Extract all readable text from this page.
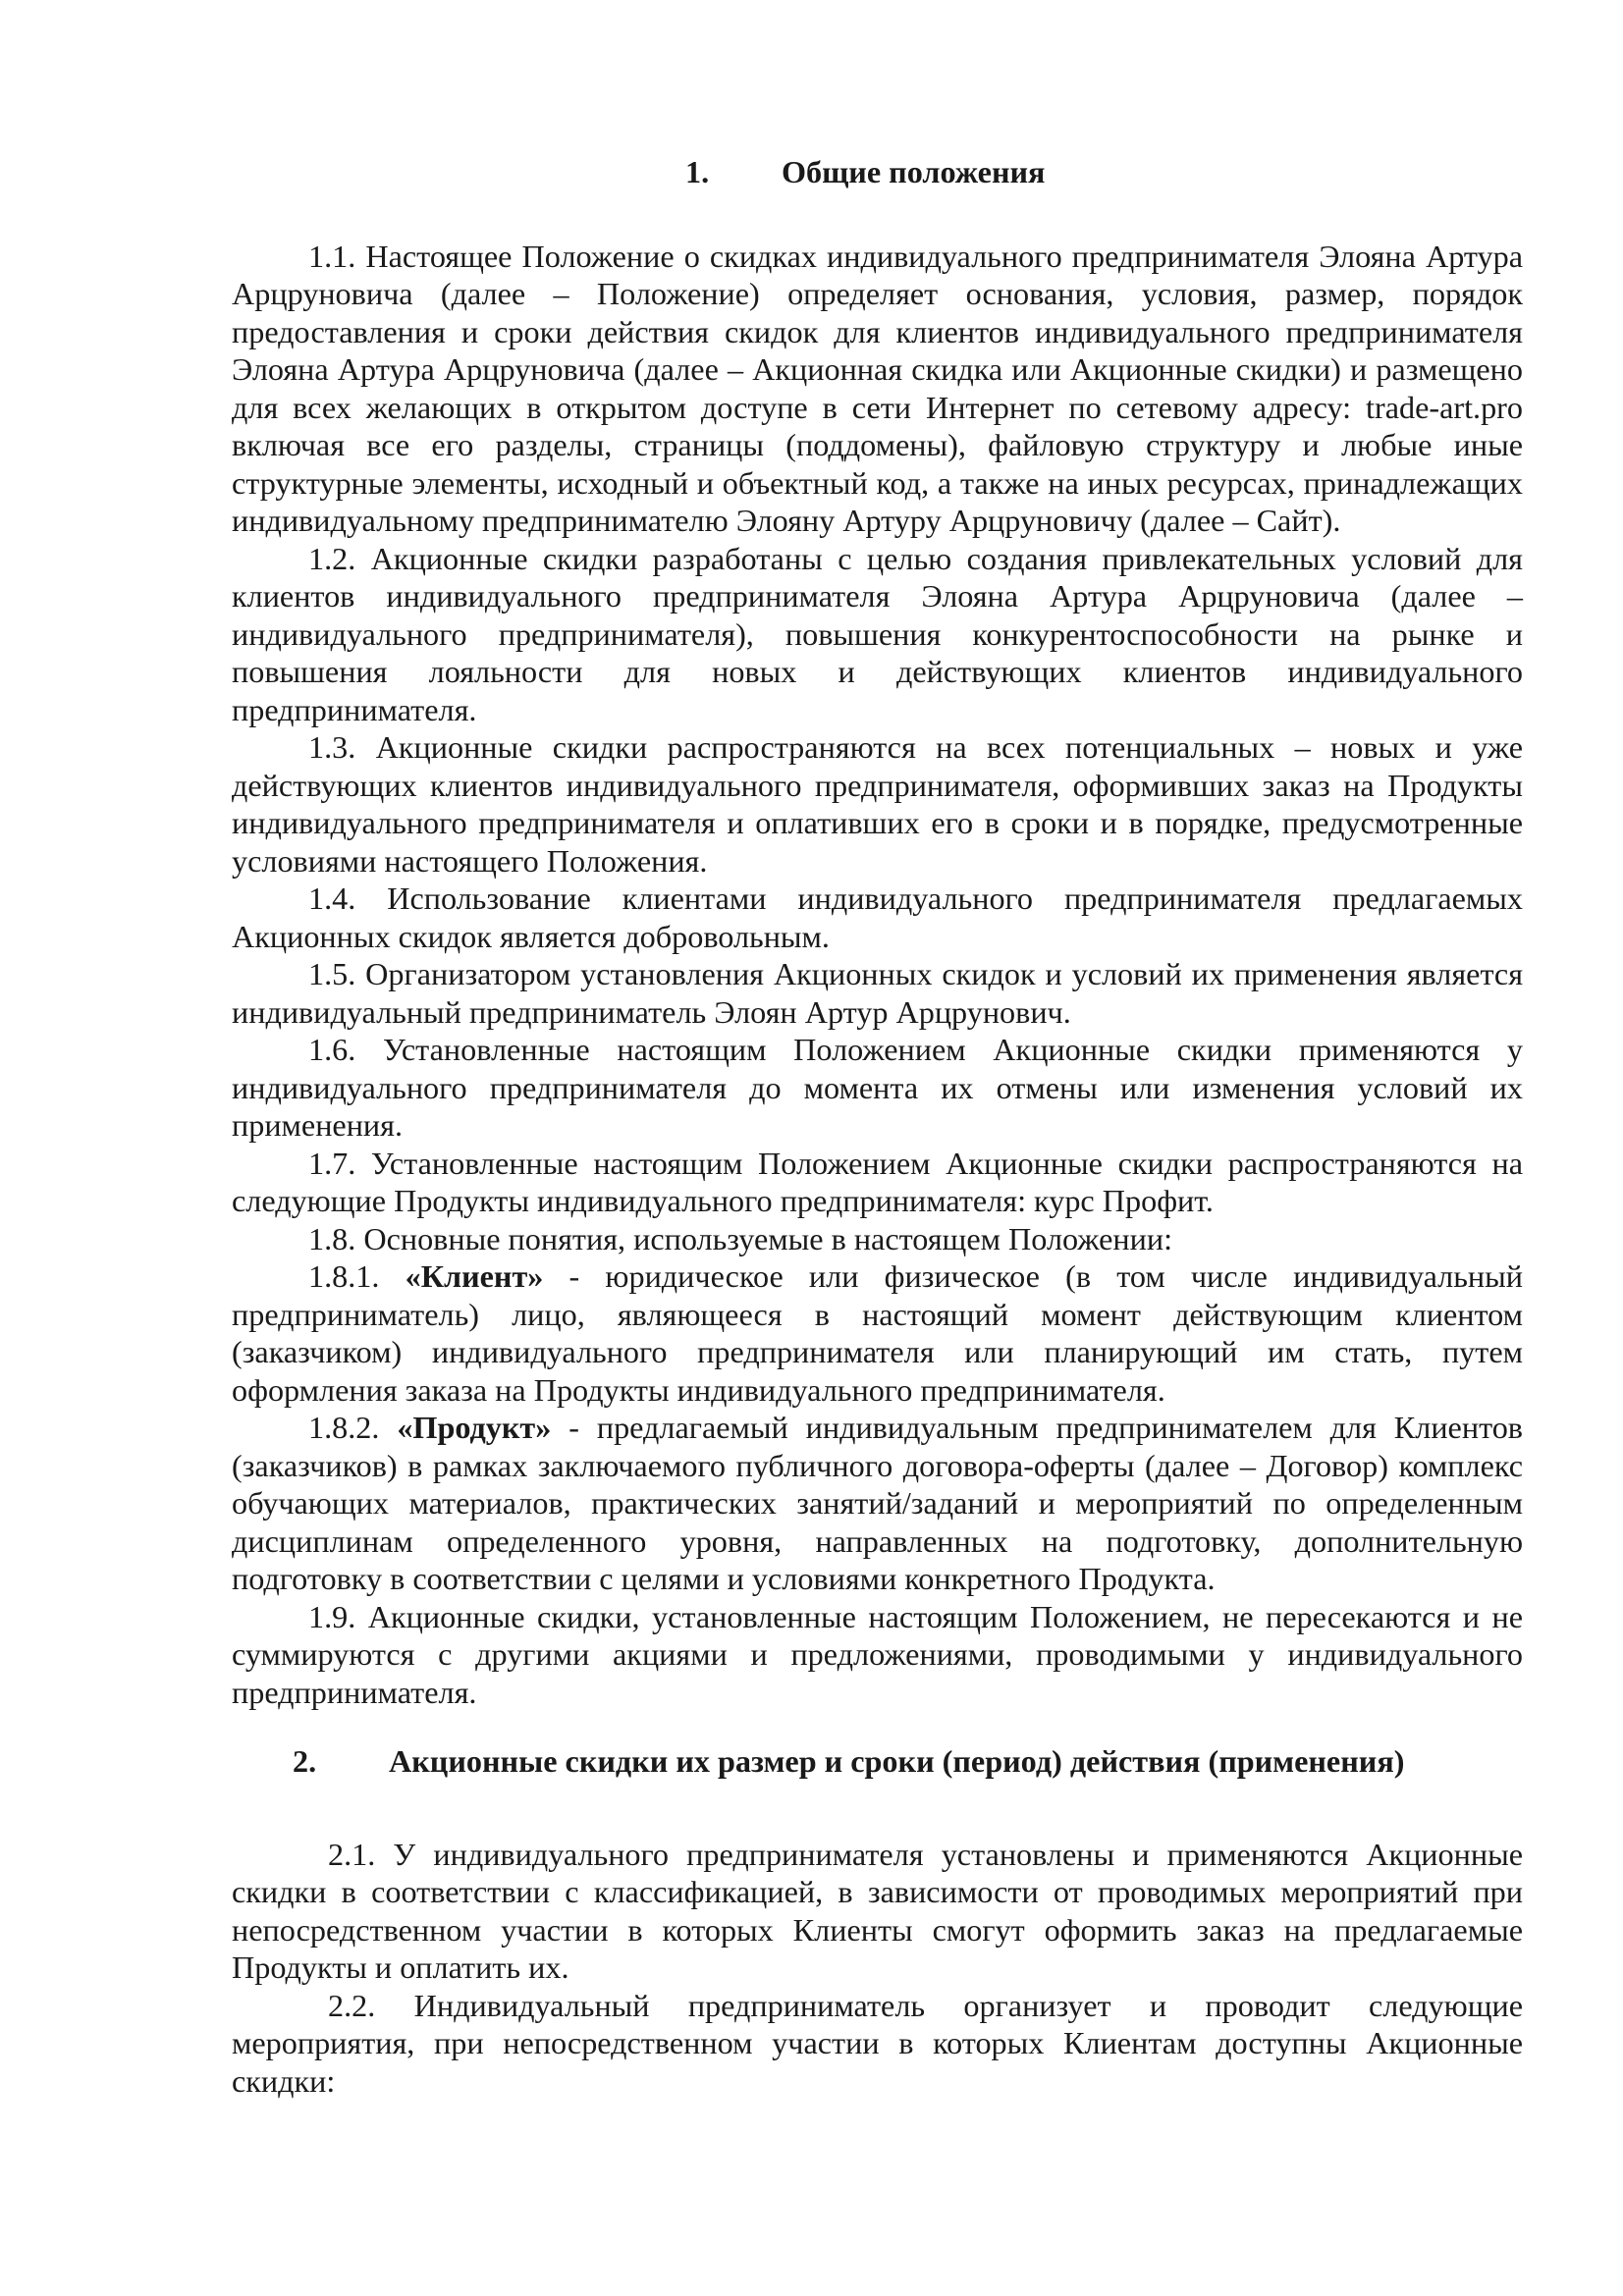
1. Общие положения

1.1. Настоящее Положение о скидках индивидуального предпринимателя Элояна Артура Арцруновича (далее – Положение) определяет основания, условия, размер, порядок предоставления и сроки действия скидок для клиентов индивидуального предпринимателя Элояна Артура Арцруновича (далее – Акционная скидка или Акционные скидки) и размещено для всех желающих в открытом доступе в сети Интернет по сетевому адресу: trade-art.pro включая все его разделы, страницы (поддомены), файловую структуру и любые иные структурные элементы, исходный и объектный код, а также на иных ресурсах, принадлежащих индивидуальному предпринимателю Элояну Артуру Арцруновичу (далее – Сайт).

1.2. Акционные скидки разработаны с целью создания привлекательных условий для клиентов индивидуального предпринимателя Элояна Артура Арцруновича (далее – индивидуального предпринимателя), повышения конкурентоспособности на рынке и повышения лояльности для новых и действующих клиентов индивидуального предпринимателя.

1.3. Акционные скидки распространяются на всех потенциальных – новых и уже действующих клиентов индивидуального предпринимателя, оформивших заказ на Продукты индивидуального предпринимателя и оплативших его в сроки и в порядке, предусмотренные условиями настоящего Положения.

1.4. Использование клиентами индивидуального предпринимателя предлагаемых Акционных скидок является добровольным.

1.5. Организатором установления Акционных скидок и условий их применения является индивидуальный предприниматель Элоян Артур Арцрунович.

1.6. Установленные настоящим Положением Акционные скидки применяются у индивидуального предпринимателя до момента их отмены или изменения условий их применения.

1.7. Установленные настоящим Положением Акционные скидки распространяются на следующие Продукты индивидуального предпринимателя: курс Профит.

1.8. Основные понятия, используемые в настоящем Положении:

1.8.1. «Клиент» - юридическое или физическое (в том числе индивидуальный предприниматель) лицо, являющееся в настоящий момент действующим клиентом (заказчиком) индивидуального предпринимателя или планирующий им стать, путем оформления заказа на Продукты индивидуального предпринимателя.

1.8.2. «Продукт» - предлагаемый индивидуальным предпринимателем для Клиентов (заказчиков) в рамках заключаемого публичного договора-оферты (далее – Договор) комплекс обучающих материалов, практических занятий/заданий и мероприятий по определенным дисциплинам определенного уровня, направленных на подготовку, дополнительную подготовку в соответствии с целями и условиями конкретного Продукта.

1.9. Акционные скидки, установленные настоящим Положением, не пересекаются и не суммируются с другими акциями и предложениями, проводимыми у индивидуального предпринимателя.

2. Акционные скидки их размер и сроки (период) действия (применения)

2.1. У индивидуального предпринимателя установлены и применяются Акционные скидки в соответствии с классификацией, в зависимости от проводимых мероприятий при непосредственном участии в которых Клиенты смогут оформить заказ на предлагаемые Продукты и оплатить их.

2.2. Индивидуальный предприниматель организует и проводит следующие мероприятия, при непосредственном участии в которых Клиентам доступны Акционные скидки:
